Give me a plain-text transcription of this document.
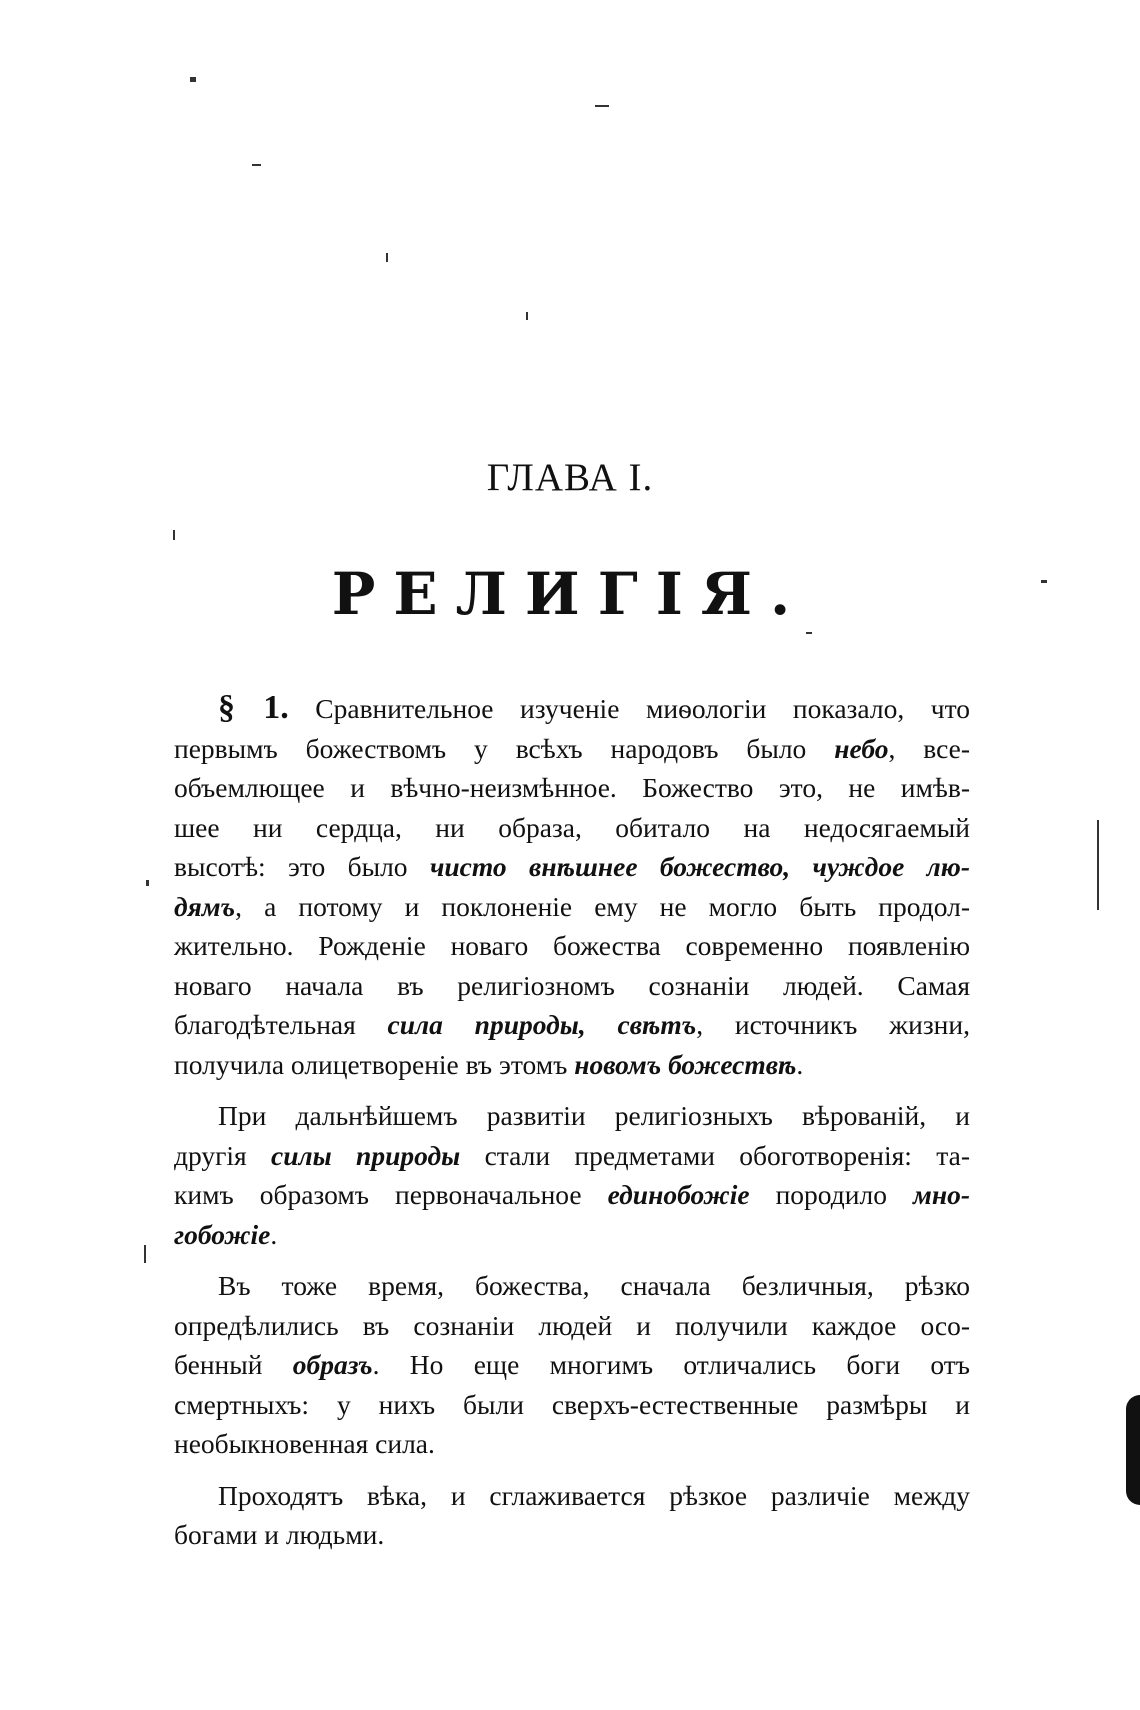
ГЛАВА I.
РЕЛИГІЯ.
§ 1. Сравнительное изученіе миѳологіи показало, что
первымъ божествомъ у всѣхъ народовъ было небо, все-
объемлющее и вѣчно-неизмѣнное. Божество это, не имѣв-
шее ни сердца, ни образа, обитало на недосягаемый
высотѣ: это было чисто внѣшнее божество, чуждое лю-
дямъ, а потому и поклоненіе ему не могло быть продол-
жительно. Рожденіе новаго божества современно появленію
новаго начала въ религіозномъ сознаніи людей. Самая
благодѣтельная сила природы, свѣтъ, источникъ жизни,
получила олицетвореніе въ этомъ новомъ божествѣ.
При дальнѣйшемъ развитіи религіозныхъ вѣрованій, и
другія силы природы стали предметами обоготворенія: та-
кимъ образомъ первоначальное единобожіе породило мно-
гобожіе.
Въ тоже время, божества, сначала безличныя, рѣзко
опредѣлились въ сознаніи людей и получили каждое осо-
бенный образъ. Но еще многимъ отличались боги отъ
смертныхъ: у нихъ были сверхъ-естественные размѣры и
необыкновенная сила.
Проходятъ вѣка, и сглаживается рѣзкое различіе между
богами и людьми.
